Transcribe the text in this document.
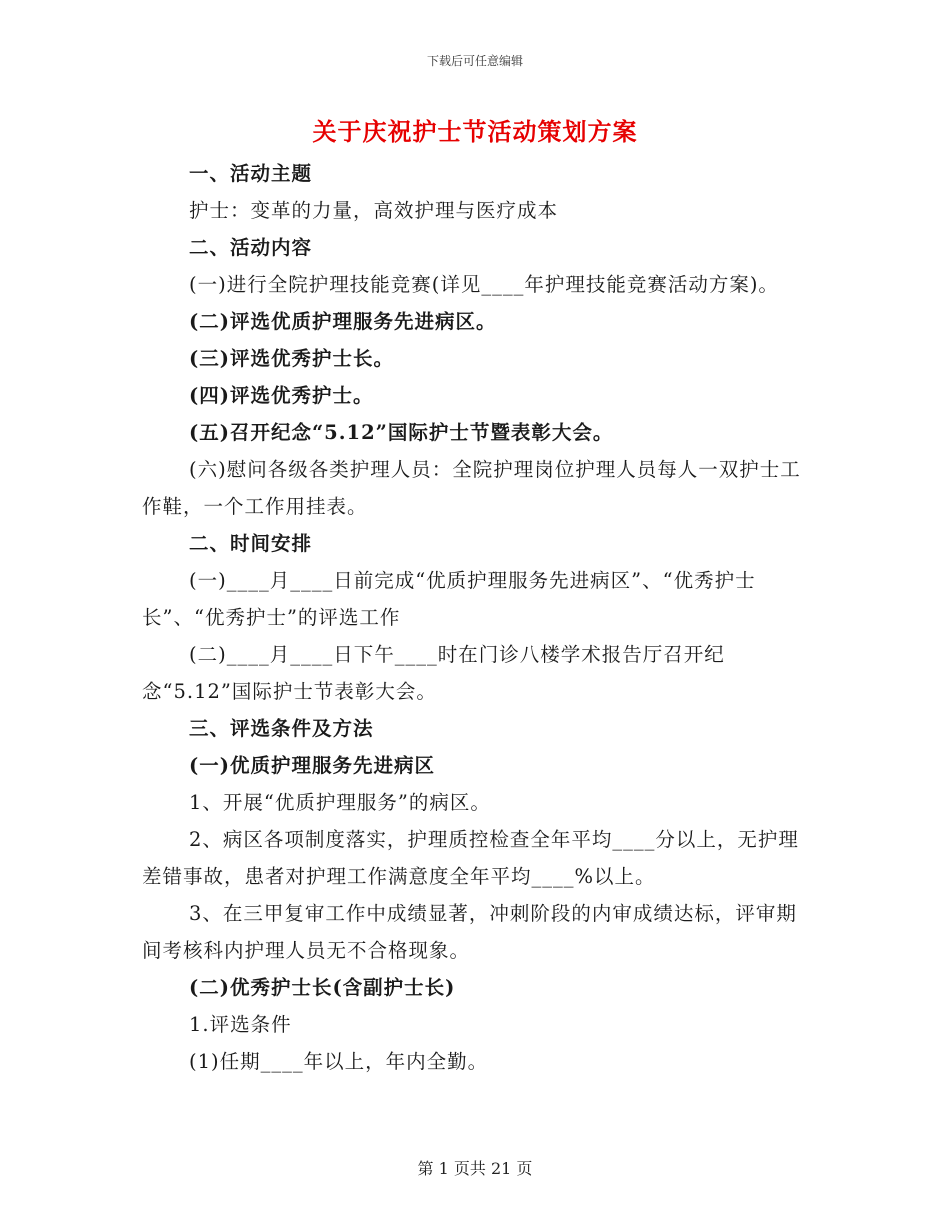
下载后可任意编辑
关于庆祝护士节活动策划方案

一、活动主题

护士：变革的力量，高效护理与医疗成本

二、活动内容

(一)进行全院护理技能竞赛(详见____年护理技能竞赛活动方案)。

(二)评选优质护理服务先进病区。

(三)评选优秀护士长。

(四)评选优秀护士。

(五)召开纪念“5.12”国际护士节暨表彰大会。

(六)慰问各级各类护理人员：全院护理岗位护理人员每人一双护士工作鞋，一个工作用挂表。

二、时间安排

(一)____月____日前完成“优质护理服务先进病区”、“优秀护士长”、“优秀护士”的评选工作

(二)____月____日下午____时在门诊八楼学术报告厅召开纪念“5.12”国际护士节表彰大会。

三、评选条件及方法

(一)优质护理服务先进病区

1、开展“优质护理服务”的病区。

2、病区各项制度落实，护理质控检查全年平均____分以上，无护理差错事故，患者对护理工作满意度全年平均____%以上。

3、在三甲复审工作中成绩显著，冲刺阶段的内审成绩达标，评审期间考核科内护理人员无不合格现象。

(二)优秀护士长(含副护士长)

1.评选条件

(1)任期____年以上，年内全勤。

第 1 页共 21 页
